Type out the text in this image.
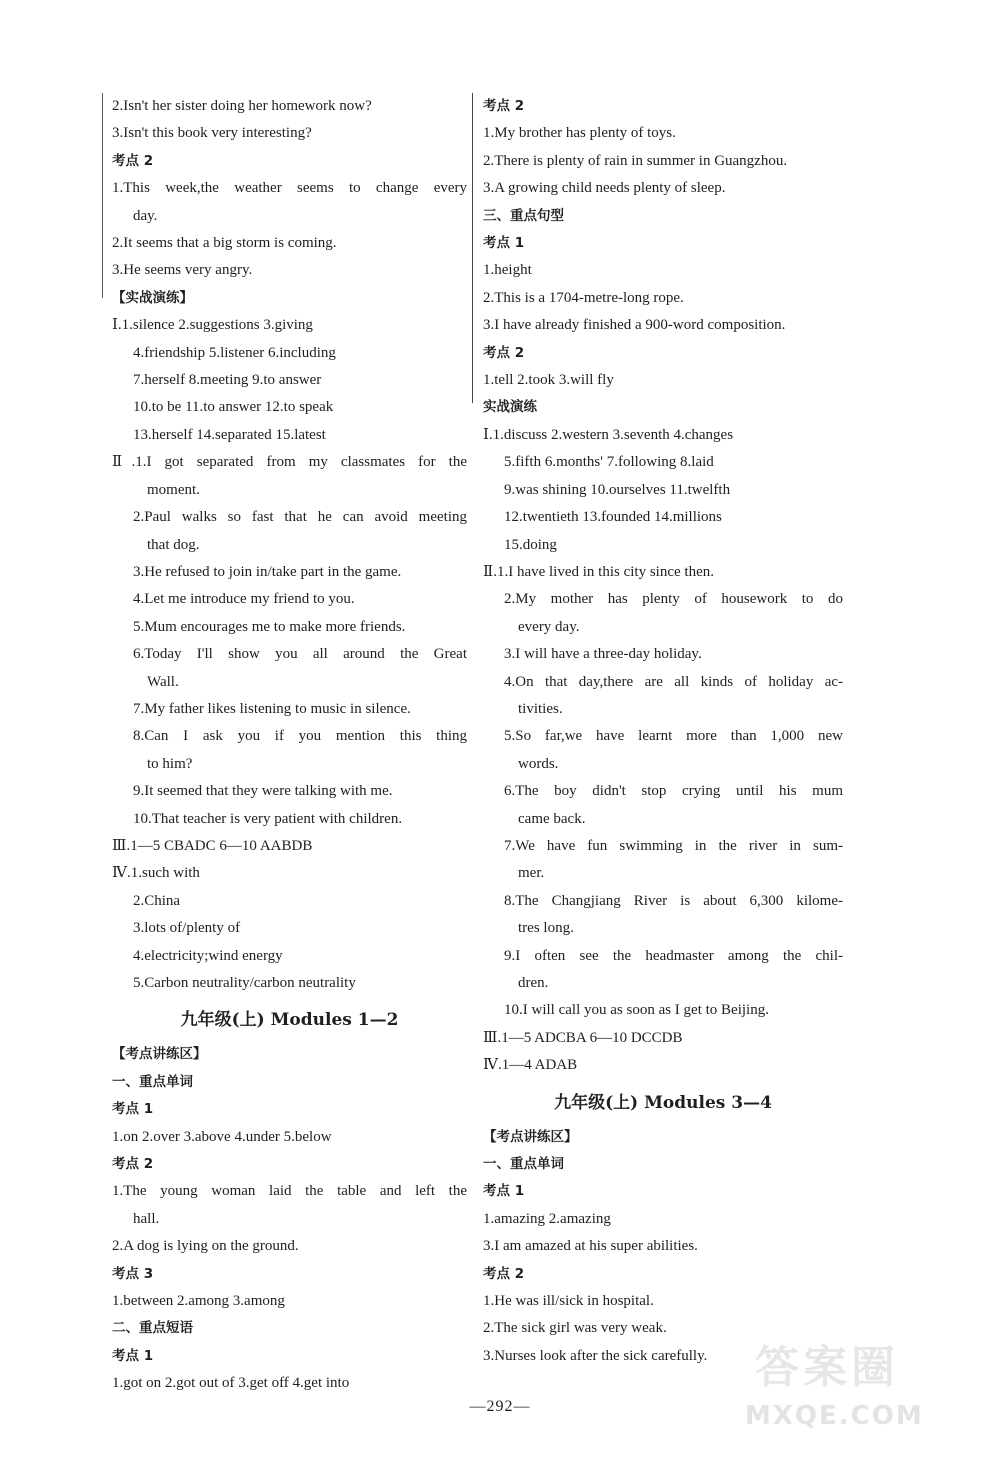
2.Isn't her sister doing her homework now?
3.Isn't this book very interesting?
考点 2
1.This week,the weather seems to change every
day.
2.It seems that a big storm is coming.
3.He seems very angry.
【实战演练】
Ⅰ.1.silence 2.suggestions 3.giving
4.friendship 5.listener 6.including
7.herself 8.meeting 9.to answer
10.to be 11.to answer 12.to speak
13.herself 14.separated 15.latest
Ⅱ.1.I got separated from my classmates for the
moment.
2.Paul walks so fast that he can avoid meeting
that dog.
3.He refused to join in/take part in the game.
4.Let me introduce my friend to you.
5.Mum encourages me to make more friends.
6.Today I'll show you all around the Great
Wall.
7.My father likes listening to music in silence.
8.Can I ask you if you mention this thing
to him?
9.It seemed that they were talking with me.
10.That teacher is very patient with children.
Ⅲ.1—5 CBADC 6—10 AABDB
Ⅳ.1.such with
2.China
3.lots of/plenty of
4.electricity;wind energy
5.Carbon neutrality/carbon neutrality
九年级(上) Modules 1—2
【考点讲练区】
一、重点单词
考点 1
1.on 2.over 3.above 4.under 5.below
考点 2
1.The young woman laid the table and left the
hall.
2.A dog is lying on the ground.
考点 3
1.between 2.among 3.among
二、重点短语
考点 1
1.got on 2.got out of 3.get off 4.get into
考点 2
1.My brother has plenty of toys.
2.There is plenty of rain in summer in Guangzhou.
3.A growing child needs plenty of sleep.
三、重点句型
考点 1
1.height
2.This is a 1704-metre-long rope.
3.I have already finished a 900-word composition.
考点 2
1.tell 2.took 3.will fly
实战演练
Ⅰ.1.discuss 2.western 3.seventh 4.changes
5.fifth 6.months' 7.following 8.laid
9.was shining 10.ourselves 11.twelfth
12.twentieth 13.founded 14.millions
15.doing
Ⅱ.1.I have lived in this city since then.
2.My mother has plenty of housework to do
every day.
3.I will have a three-day holiday.
4.On that day,there are all kinds of holiday ac-
tivities.
5.So far,we have learnt more than 1,000 new
words.
6.The boy didn't stop crying until his mum
came back.
7.We have fun swimming in the river in sum-
mer.
8.The Changjiang River is about 6,300 kilome-
tres long.
9.I often see the headmaster among the chil-
dren.
10.I will call you as soon as I get to Beijing.
Ⅲ.1—5 ADCBA 6—10 DCCDB
Ⅳ.1—4 ADAB
九年级(上) Modules 3—4
【考点讲练区】
一、重点单词
考点 1
1.amazing 2.amazing
3.I am amazed at his super abilities.
考点 2
1.He was ill/sick in hospital.
2.The sick girl was very weak.
3.Nurses look after the sick carefully.
—292—
答案圈
MXQE.COM
